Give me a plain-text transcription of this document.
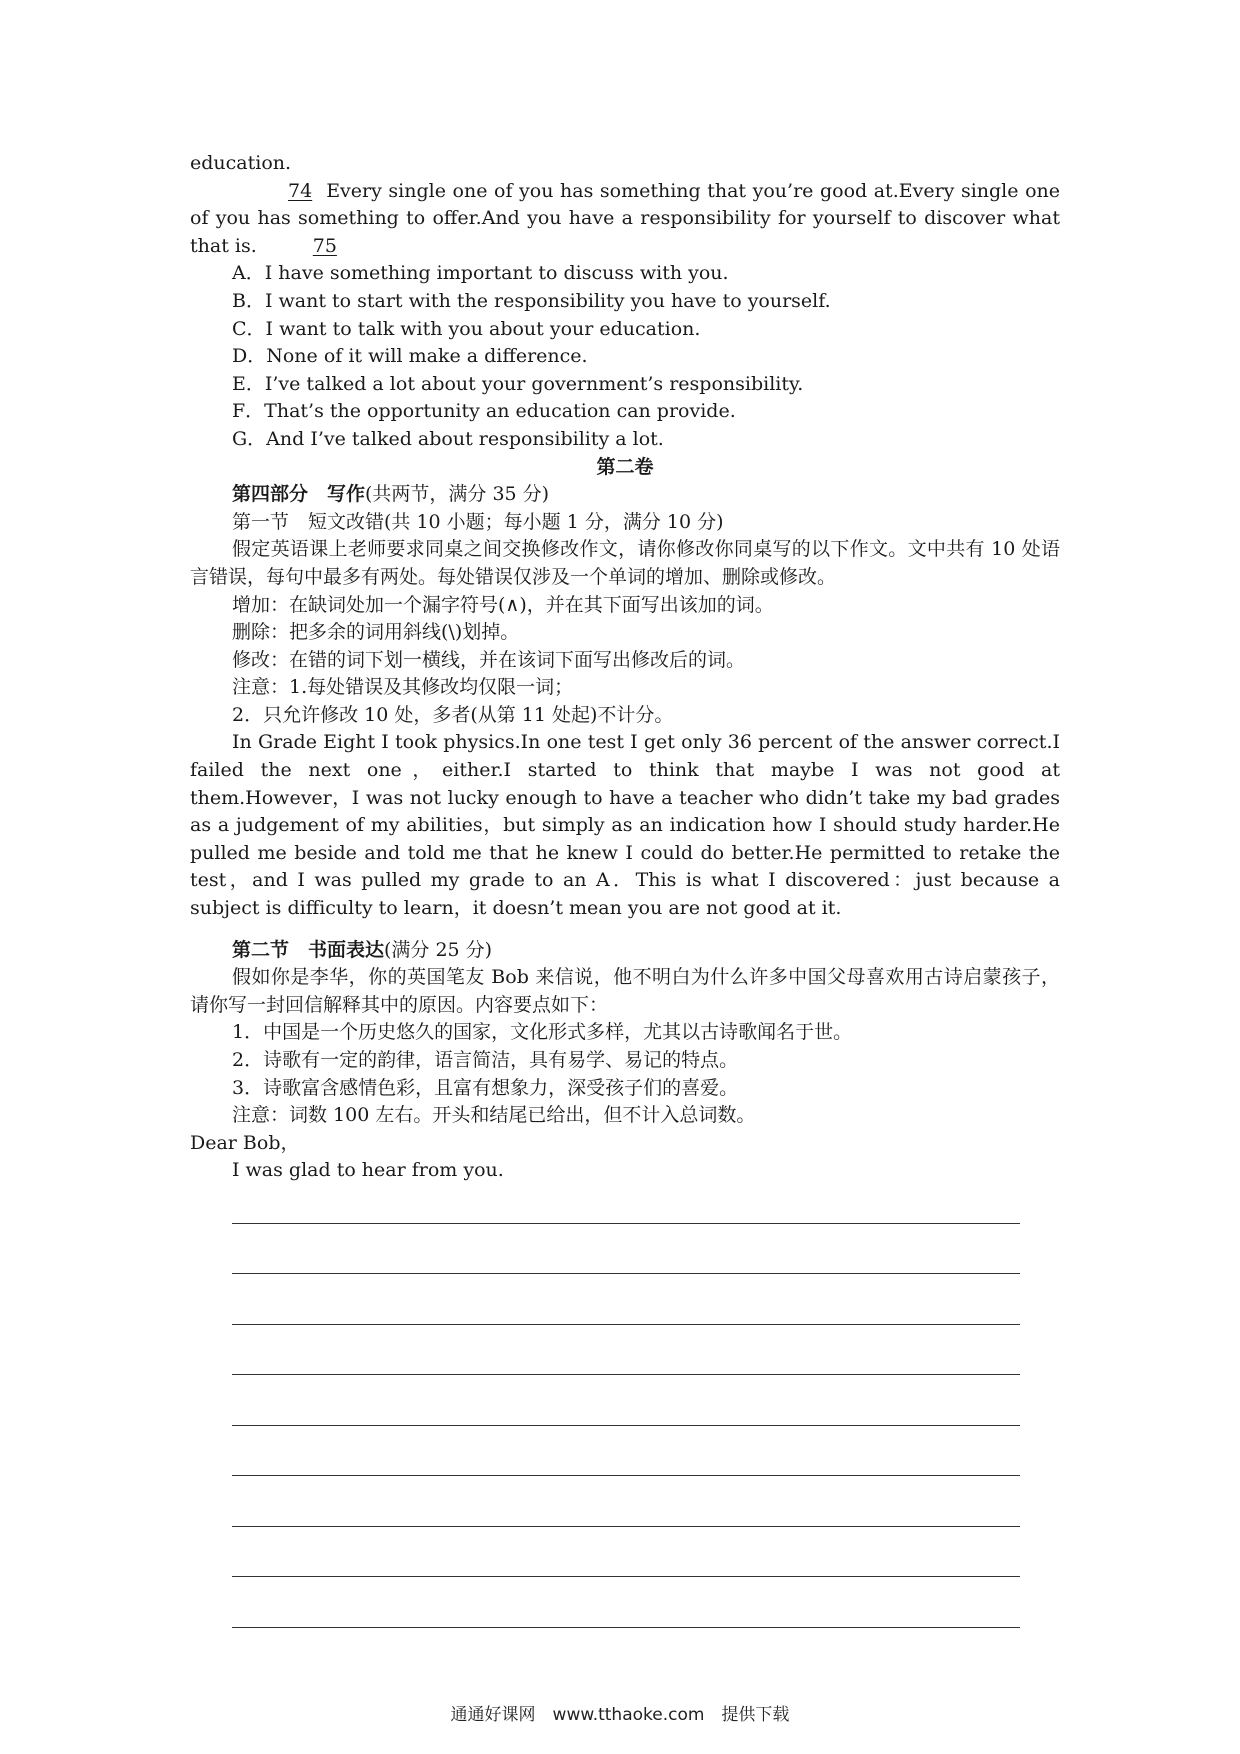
education.

74 Every single one of you has something that you’re good at.Every single one of you has something to offer.And you have a responsibility for yourself to discover what that is.	75

A．I have something important to discuss with you.

B．I want to start with the responsibility you have to yourself.

C．I want to talk with you about your education.

D．None of it will make a difference.

E．I’ve talked a lot about your government’s responsibility.

F．That’s the opportunity an education can provide.

G．And I’ve talked about responsibility a lot.

第二卷

第四部分　写作(共两节，满分 35 分)

第一节　短文改错(共 10 小题；每小题 1 分，满分 10 分)

假定英语课上老师要求同桌之间交换修改作文，请你修改你同桌写的以下作文。文中共有 10 处语言错误，每句中最多有两处。每处错误仅涉及一个单词的增加、删除或修改。

增加：在缺词处加一个漏字符号(∧)，并在其下面写出该加的词。

删除：把多余的词用斜线(\)划掉。

修改：在错的词下划一横线，并在该词下面写出修改后的词。

注意：1.每处错误及其修改均仅限一词；

2．只允许修改 10 处，多者(从第 11 处起)不计分。

In Grade Eight I took physics.In one test I get only 36 percent of the answer correct.I failed the next one，either.I started to think that maybe I was not good at them.However，I was not lucky enough to have a teacher who didn’t take my bad grades as a judgement of my abilities，but simply as an indication how I should study harder.He pulled me beside and told me that he knew I could do better.He permitted to retake the test，and I was pulled my grade to an A．This is what I discovered：just because a subject is difficulty to learn，it doesn’t mean you are not good at it.

第二节　书面表达(满分 25 分)

假如你是李华，你的英国笔友 Bob 来信说，他不明白为什么许多中国父母喜欢用古诗启蒙孩子，请你写一封回信解释其中的原因。内容要点如下：

1．中国是一个历史悠久的国家，文化形式多样，尤其以古诗歌闻名于世。

2．诗歌有一定的韵律，语言简洁，具有易学、易记的特点。

3．诗歌富含感情色彩，且富有想象力，深受孩子们的喜爱。

注意：词数 100 左右。开头和结尾已给出，但不计入总词数。

Dear Bob，

I was glad to hear from you.

通通好课网　www.tthaoke.com　提供下载
